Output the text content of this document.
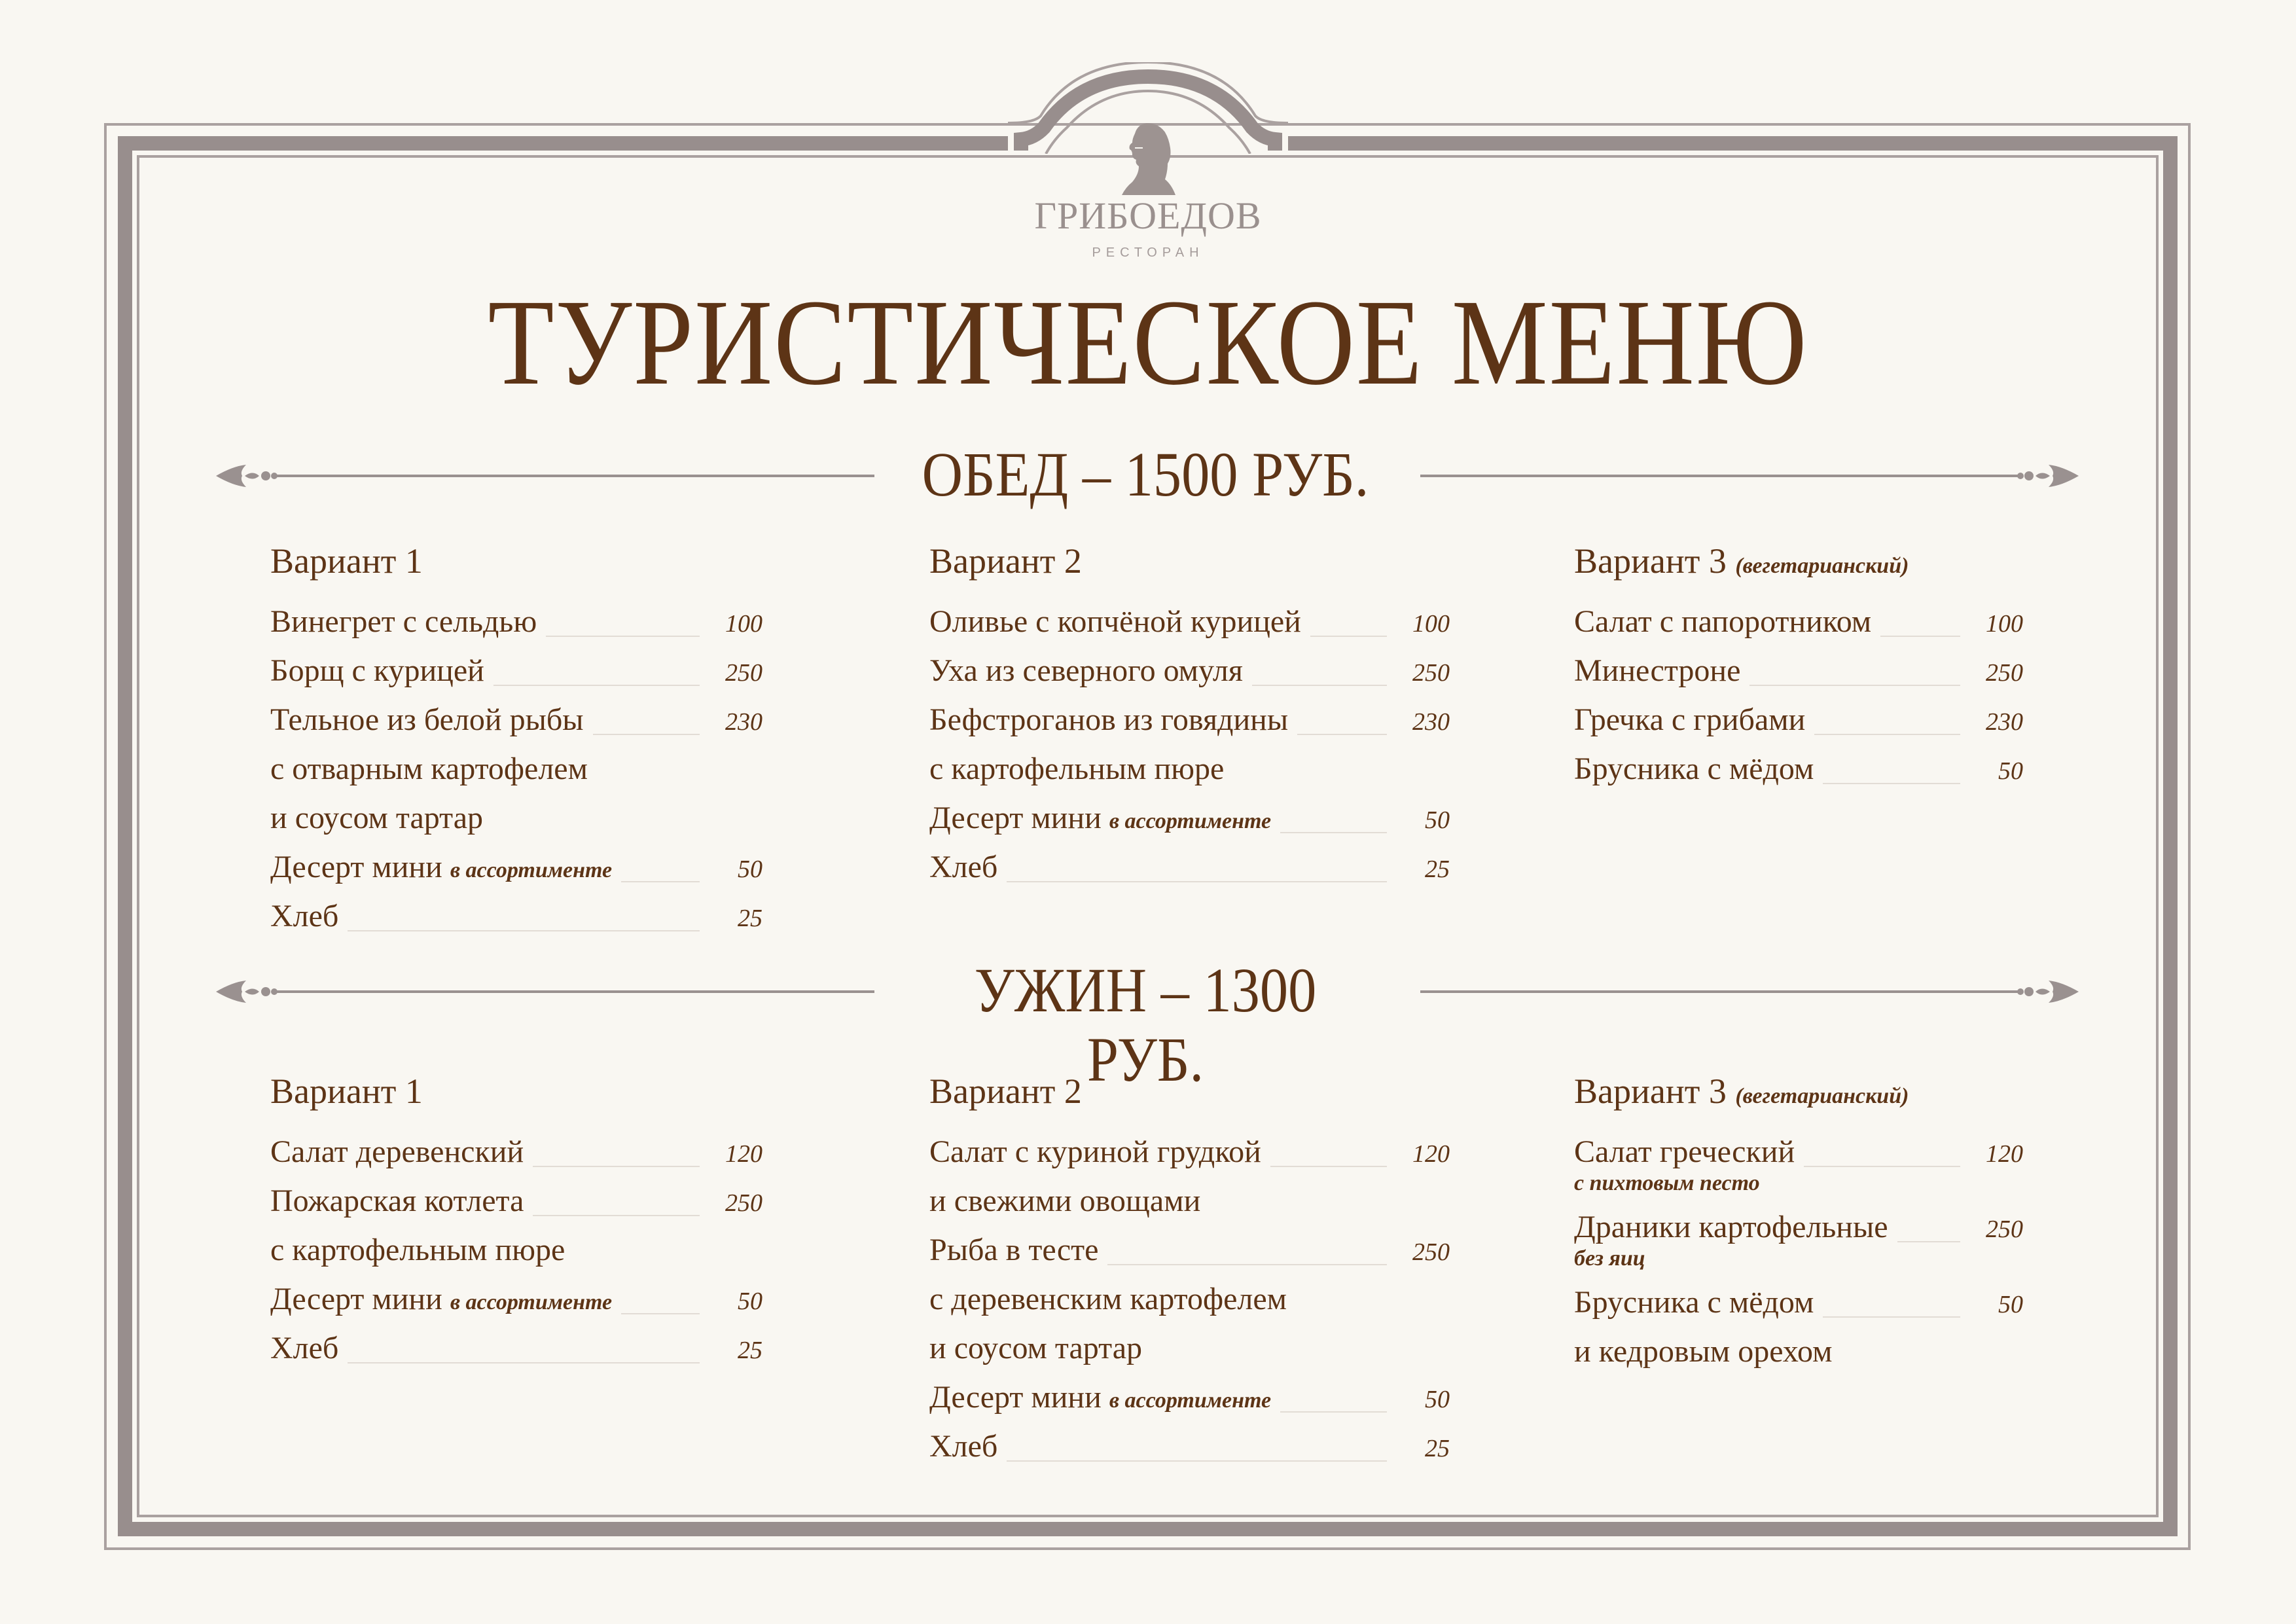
ГРИБОЕДОВ
РЕСТОРАН
ТУРИСТИЧЕСКОЕ МЕНЮ
ОБЕД – 1500 РУБ.
Вариант 1
Винегрет с сельдью	100
Борщ с курицей	250
Тельное из белой рыбы	230
с отварным картофелем
и соусом тартар
Десерт мини в ассортименте	50
Хлеб	25
Вариант 2
Оливье с копчёной курицей	100
Уха из северного омуля	250
Бефстроганов из говядины	230
с картофельным пюре
Десерт мини в ассортименте	50
Хлеб	25
Вариант 3 (вегетарианский)
Салат с папоротником	100
Минестроне	250
Гречка с грибами	230
Брусника с мёдом	50
УЖИН – 1300 РУБ.
Вариант 1
Салат деревенский	120
Пожарская котлета	250
с картофельным пюре
Десерт мини в ассортименте	50
Хлеб	25
Вариант 2
Салат с куриной грудкой	120
и свежими овощами
Рыба в тесте	250
с деревенским картофелем
и соусом тартар
Десерт мини в ассортименте	50
Хлеб	25
Вариант 3 (вегетарианский)
Салат греческий	120
с пихтовым песто
Драники картофельные	250
без яиц
Брусника с мёдом	50
и кедровым орехом
